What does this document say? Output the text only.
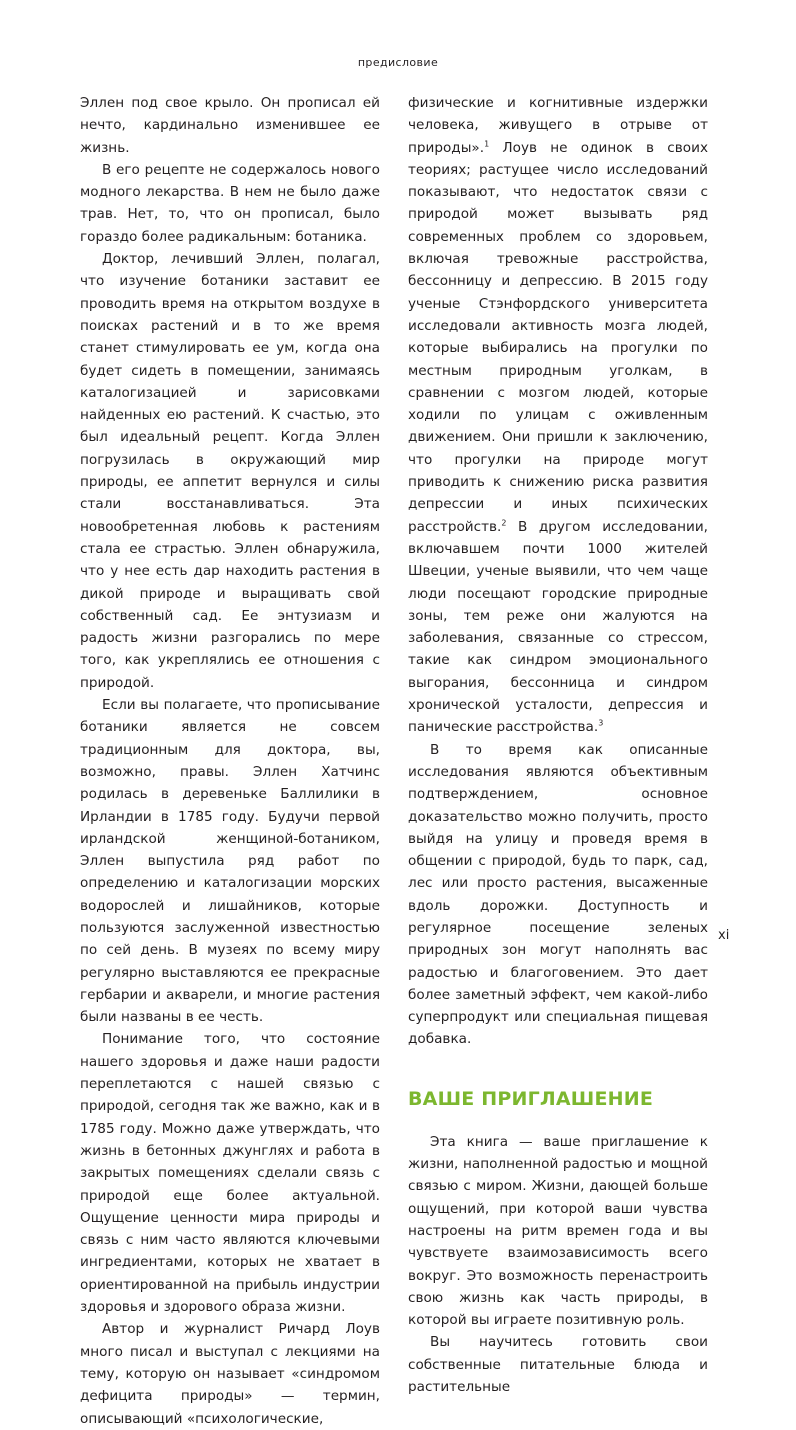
предисловие

Эллен под свое крыло. Он прописал ей нечто, кардинально изменившее ее жизнь.

В его рецепте не содержалось нового модного лекарства. В нем не было даже трав. Нет, то, что он прописал, было гораздо более радикальным: ботаника.

Доктор, лечивший Эллен, полагал, что изучение ботаники заставит ее проводить время на открытом воздухе в поисках растений и в то же время станет стимулировать ее ум, когда она будет сидеть в помещении, занимаясь каталогизацией и зарисовками найденных ею растений. К счастью, это был идеальный рецепт. Когда Эллен погрузилась в окружающий мир природы, ее аппетит вернулся и силы стали восстанавливаться. Эта новообретенная любовь к растениям стала ее страстью. Эллен обнаружила, что у нее есть дар находить растения в дикой природе и выращивать свой собственный сад. Ее энтузиазм и радость жизни разгорались по мере того, как укреплялись ее отношения с природой.

Если вы полагаете, что прописывание ботаники является не совсем традиционным для доктора, вы, возможно, правы. Эллен Хатчинс родилась в деревеньке Баллилики в Ирландии в 1785 году. Будучи первой ирландской женщиной-ботаником, Эллен выпустила ряд работ по определению и каталогизации морских водорослей и лишайников, которые пользуются заслуженной известностью по сей день. В музеях по всему миру регулярно выставляются ее прекрасные гербарии и акварели, и многие растения были названы в ее честь.

Понимание того, что состояние нашего здоровья и даже наши радости переплетаются с нашей связью с природой, сегодня так же важно, как и в 1785 году. Можно даже утверждать, что жизнь в бетонных джунглях и работа в закрытых помещениях сделали связь с природой еще более актуальной. Ощущение ценности мира природы и связь с ним часто являются ключевыми ингредиентами, которых не хватает в ориентированной на прибыль индустрии здоровья и здорового образа жизни.

Автор и журналист Ричард Лоув много писал и выступал с лекциями на тему, которую он называет «синдромом дефицита природы» — термин, описывающий «психологические,

физические и когнитивные издержки человека, живущего в отрыве от природы».$^1$ Лоув не одинок в своих теориях; растущее число исследований показывают, что недостаток связи с природой может вызывать ряд современных проблем со здоровьем, включая тревожные расстройства, бессонницу и депрессию. В 2015 году ученые Стэнфордского университета исследовали активность мозга людей, которые выбирались на прогулки по местным природным уголкам, в сравнении с мозгом людей, которые ходили по улицам с оживленным движением. Они пришли к заключению, что прогулки на природе могут приводить к снижению риска развития депрессии и иных психических расстройств.$^2$ В другом исследовании, включавшем почти 1000 жителей Швеции, ученые выявили, что чем чаще люди посещают городские природные зоны, тем реже они жалуются на заболевания, связанные со стрессом, такие как синдром эмоционального выгорания, бессонница и синдром хронической усталости, депрессия и панические расстройства.$^3$

В то время как описанные исследования являются объективным подтверждением, основное доказательство можно получить, просто выйдя на улицу и проведя время в общении с природой, будь то парк, сад, лес или просто растения, высаженные вдоль дорожки. Доступность и регулярное посещение зеленых природных зон могут наполнять вас радостью и благоговением. Это дает более заметный эффект, чем какой-либо суперпродукт или специальная пищевая добавка.

ВАШЕ ПРИГЛАШЕНИЕ

Эта книга — ваше приглашение к жизни, наполненной радостью и мощной связью с миром. Жизни, дающей больше ощущений, при которой ваши чувства настроены на ритм времен года и вы чувствуете взаимозависимость всего вокруг. Это возможность перенастроить свою жизнь как часть природы, в которой вы играете позитивную роль.

Вы научитесь готовить свои собственные питательные блюда и растительные

xi
